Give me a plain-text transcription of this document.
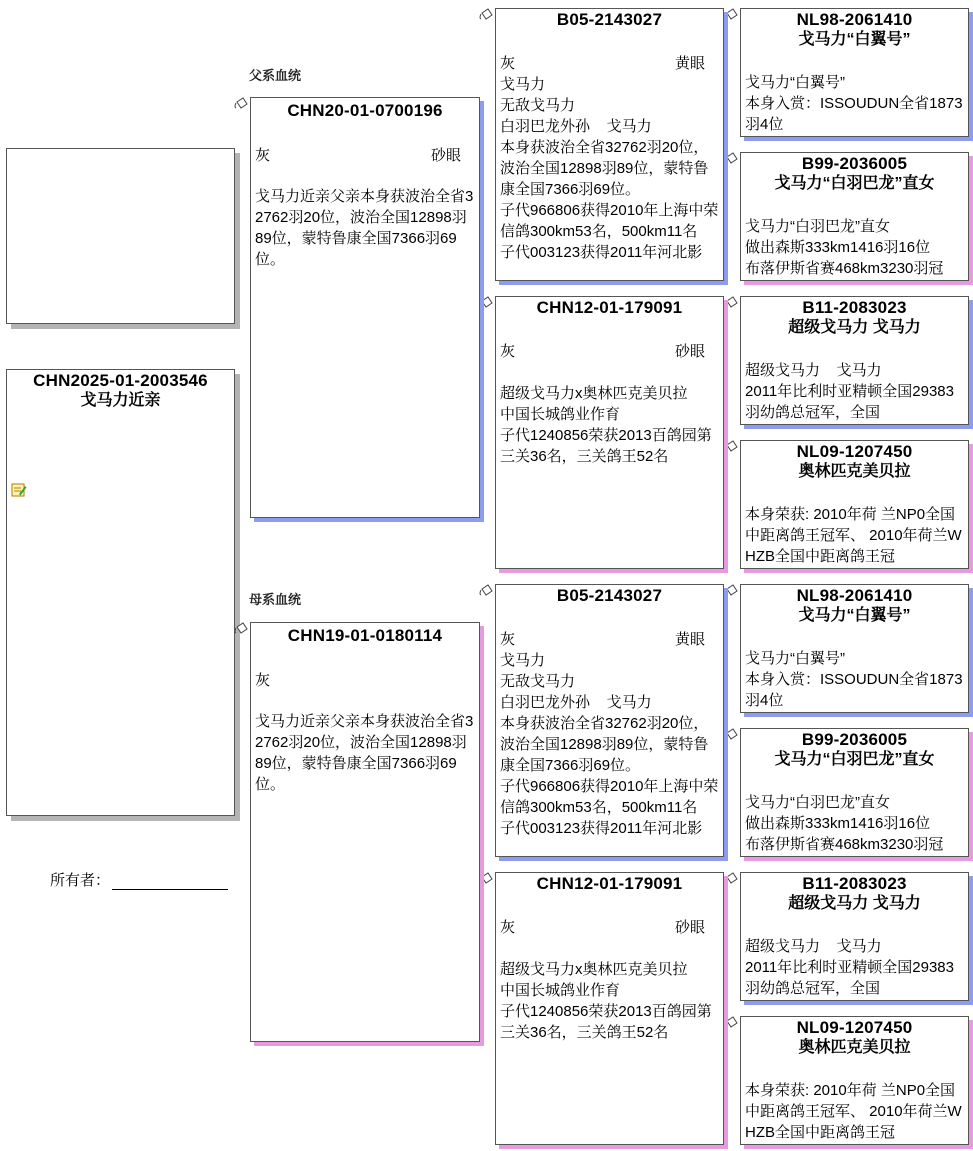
CHN2025-01-2003546
戈马力近亲
所有者：
父系血统
母系血统
CHN20-01-0700196
灰	砂眼
戈马力近亲父亲本身获波治全省32762羽20位，波治全国12898羽89位，蒙特鲁康全国7366羽69位。
CHN19-01-0180114
灰
戈马力近亲父亲本身获波治全省32762羽20位，波治全国12898羽89位，蒙特鲁康全国7366羽69位。
B05-2143027
灰	黄眼
戈马力
无敌戈马力
白羽巴龙外孙    戈马力
本身获波治全省32762羽20位，波治全国12898羽89位，蒙特鲁康全国7366羽69位。
子代966806获得2010年上海中荣信鸽300km53名，500km11名
子代003123获得2011年河北影
CHN12-01-179091
灰	砂眼
超级戈马力x奥林匹克美贝拉
中国长城鸽业作育
子代1240856荣获2013百鸽园第三关36名，三关鸽王52名
B05-2143027
灰	黄眼
戈马力
无敌戈马力
白羽巴龙外孙    戈马力
本身获波治全省32762羽20位，波治全国12898羽89位，蒙特鲁康全国7366羽69位。
子代966806获得2010年上海中荣信鸽300km53名，500km11名
子代003123获得2011年河北影
CHN12-01-179091
灰	砂眼
超级戈马力x奥林匹克美贝拉
中国长城鸽业作育
子代1240856荣获2013百鸽园第三关36名，三关鸽王52名
NL98-2061410
戈马力“白翼号”
戈马力“白翼号”
本身入赏：ISSOUDUN全省1873羽4位
B99-2036005
戈马力“白羽巴龙”直女
戈马力“白羽巴龙”直女
做出森斯333km1416羽16位
布落伊斯省赛468km3230羽冠
B11-2083023
超级戈马力 戈马力
超级戈马力    戈马力
2011年比利时亚精顿全国29383羽幼鸽总冠军，全国
NL09-1207450
奥林匹克美贝拉
本身荣获: 2010年荷 兰NP0全国中距离鸽王冠军、 2010年荷兰WHZB全国中距离鸽王冠
NL98-2061410
戈马力“白翼号”
戈马力“白翼号”
本身入赏：ISSOUDUN全省1873羽4位
B99-2036005
戈马力“白羽巴龙”直女
戈马力“白羽巴龙”直女
做出森斯333km1416羽16位
布落伊斯省赛468km3230羽冠
B11-2083023
超级戈马力 戈马力
超级戈马力    戈马力
2011年比利时亚精顿全国29383羽幼鸽总冠军，全国
NL09-1207450
奥林匹克美贝拉
本身荣获: 2010年荷 兰NP0全国中距离鸽王冠军、 2010年荷兰WHZB全国中距离鸽王冠
